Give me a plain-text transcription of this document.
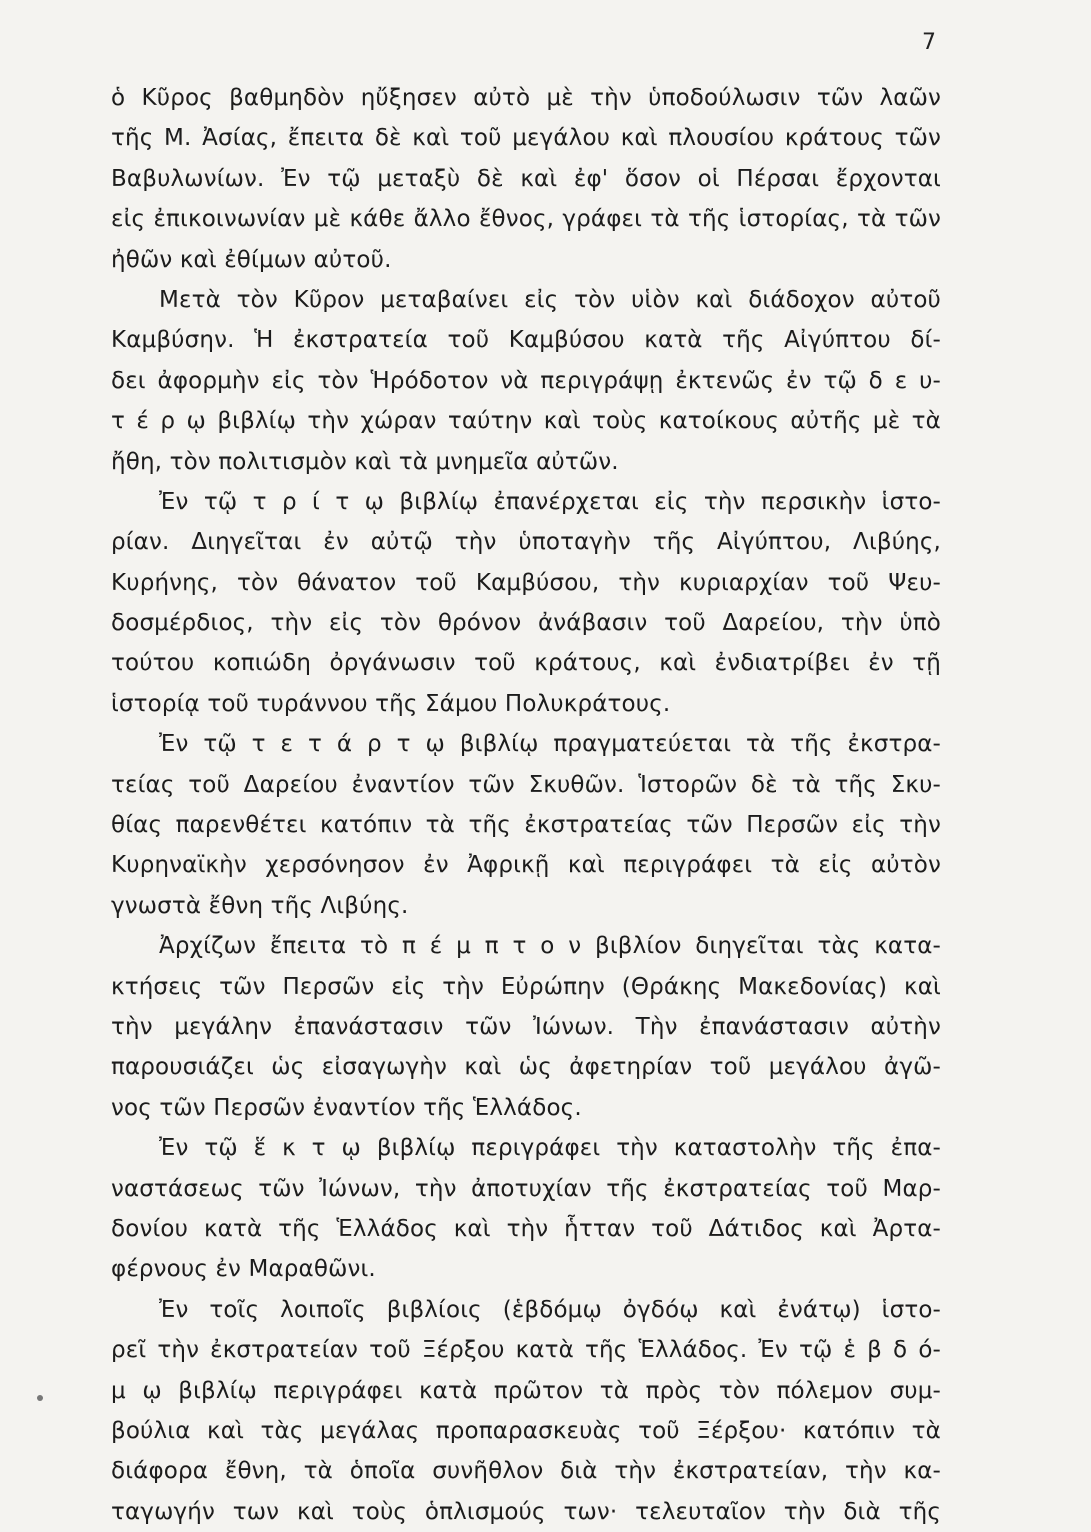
7
ὁ Κῦρος βαθμηδὸν ηὔξησεν αὐτὸ μὲ τὴν ὑποδούλωσιν τῶν λαῶν
τῆς Μ. Ἀσίας, ἔπειτα δὲ καὶ τοῦ μεγάλου καὶ πλουσίου κράτους τῶν
Βαβυλωνίων. Ἐν τῷ μεταξὺ δὲ καὶ ἐφ' ὅσον οἱ Πέρσαι ἔρχονται
εἰς ἐπικοινωνίαν μὲ κάθε ἄλλο ἔθνος, γράφει τὰ τῆς ἱστορίας, τὰ τῶν
ἠθῶν καὶ ἐθίμων αὐτοῦ.
Μετὰ τὸν Κῦρον μεταβαίνει εἰς τὸν υἱὸν καὶ διάδοχον αὐτοῦ
Καμβύσην. Ἡ ἐκστρατεία τοῦ Καμβύσου κατὰ τῆς Αἰγύπτου δί-
δει ἀφορμὴν εἰς τὸν Ἡρόδοτον νὰ περιγράψῃ ἐκτενῶς ἐν τῷ δ ε υ-
τ έ ρ ῳ βιβλίῳ τὴν χώραν ταύτην καὶ τοὺς κατοίκους αὐτῆς μὲ τὰ
ἤθη, τὸν πολιτισμὸν καὶ τὰ μνημεῖα αὐτῶν.
Ἐν τῷ τ ρ ί τ ῳ βιβλίῳ ἐπανέρχεται εἰς τὴν περσικὴν ἱστο-
ρίαν. Διηγεῖται ἐν αὐτῷ τὴν ὑποταγὴν τῆς Αἰγύπτου, Λιβύης,
Κυρήνης, τὸν θάνατον τοῦ Καμβύσου, τὴν κυριαρχίαν τοῦ Ψευ-
δοσμέρδιος, τὴν εἰς τὸν θρόνον ἀνάβασιν τοῦ Δαρείου, τὴν ὑπὸ
τούτου κοπιώδη ὀργάνωσιν τοῦ κράτους, καὶ ἐνδιατρίβει ἐν τῇ
ἱστορίᾳ τοῦ τυράννου τῆς Σάμου Πολυκράτους.
Ἐν τῷ τ ε τ ά ρ τ ῳ βιβλίῳ πραγματεύεται τὰ τῆς ἐκστρα-
τείας τοῦ Δαρείου ἐναντίον τῶν Σκυθῶν. Ἱστορῶν δὲ τὰ τῆς Σκυ-
θίας παρενθέτει κατόπιν τὰ τῆς ἐκστρατείας τῶν Περσῶν εἰς τὴν
Κυρηναϊκὴν χερσόνησον ἐν Ἀφρικῇ καὶ περιγράφει τὰ εἰς αὐτὸν
γνωστὰ ἔθνη τῆς Λιβύης.
Ἀρχίζων ἔπειτα τὸ π έ μ π τ ο ν βιβλίον διηγεῖται τὰς κατα-
κτήσεις τῶν Περσῶν εἰς τὴν Εὐρώπην (Θράκης Μακεδονίας) καὶ
τὴν μεγάλην ἐπανάστασιν τῶν Ἰώνων. Τὴν ἐπανάστασιν αὐτὴν
παρουσιάζει ὡς εἰσαγωγὴν καὶ ὡς ἀφετηρίαν τοῦ μεγάλου ἀγῶ-
νος τῶν Περσῶν ἐναντίον τῆς Ἑλλάδος.
Ἐν τῷ ἕ κ τ ῳ βιβλίῳ περιγράφει τὴν καταστολὴν τῆς ἐπα-
ναστάσεως τῶν Ἰώνων, τὴν ἀποτυχίαν τῆς ἐκστρατείας τοῦ Μαρ-
δονίου κατὰ τῆς Ἑλλάδος καὶ τὴν ἧτταν τοῦ Δάτιδος καὶ Ἀρτα-
φέρνους ἐν Μαραθῶνι.
Ἐν τοῖς λοιποῖς βιβλίοις (ἑβδόμῳ ὀγδόῳ καὶ ἐνάτῳ) ἱστο-
ρεῖ τὴν ἐκστρατείαν τοῦ Ξέρξου κατὰ τῆς Ἑλλάδος. Ἐν τῷ ἑ β δ ό-
μ ῳ βιβλίῳ περιγράφει κατὰ πρῶτον τὰ πρὸς τὸν πόλεμον συμ-
βούλια καὶ τὰς μεγάλας προπαρασκευὰς τοῦ Ξέρξου· κατόπιν τὰ
διάφορα ἔθνη, τὰ ὁποῖα συνῆθλον διὰ τὴν ἐκστρατείαν, τὴν κα-
ταγωγήν των καὶ τοὺς ὁπλισμούς των· τελευταῖον τὴν διὰ τῆς
